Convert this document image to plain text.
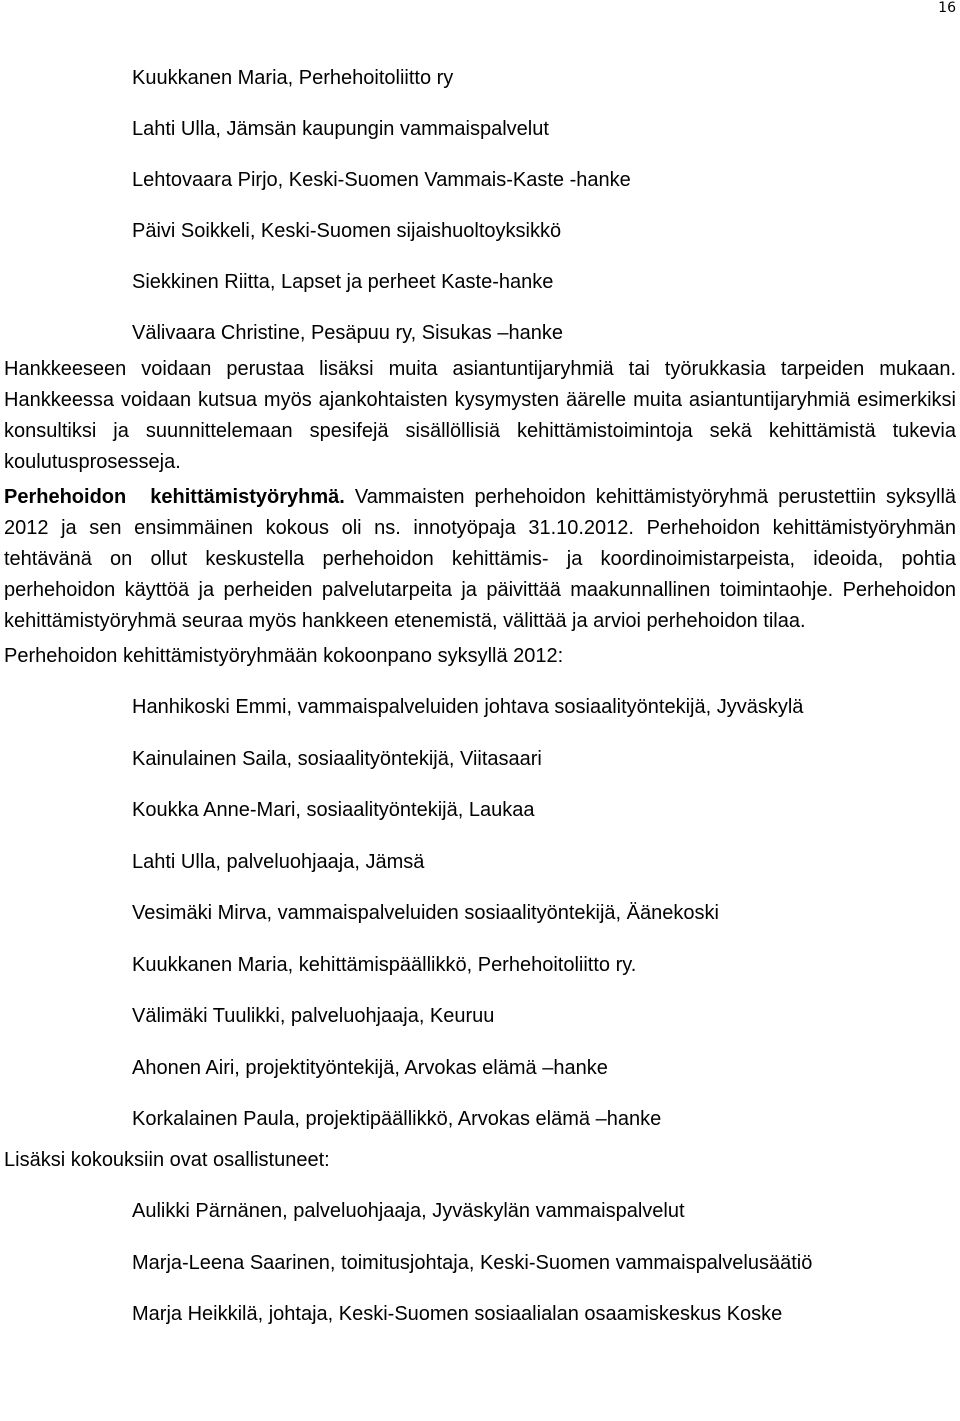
16
Kuukkanen Maria, Perhehoitoliitto ry
Lahti Ulla, Jämsän kaupungin vammaispalvelut
Lehtovaara Pirjo, Keski-Suomen Vammais-Kaste -hanke
Päivi Soikkeli, Keski-Suomen sijaishuoltoyksikkö
Siekkinen Riitta, Lapset ja perheet Kaste-hanke
Välivaara Christine, Pesäpuu ry, Sisukas –hanke

Hankkeeseen voidaan perustaa lisäksi muita asiantuntijaryhmiä tai työrukkasia tarpeiden mukaan. Hankkeessa voidaan kutsua myös ajankohtaisten kysymysten äärelle muita asiantuntijaryhmiä esimerkiksi konsultiksi ja suunnittelemaan spesifejä sisällöllisiä kehittämistoimintoja sekä kehittämistä tukevia koulutusprosesseja.

Perhehoidon kehittämistyöryhmä. Vammaisten perhehoidon kehittämistyöryhmä perustettiin syksyllä 2012 ja sen ensimmäinen kokous oli ns. innotyöpaja 31.10.2012. Perhehoidon kehittämistyöryhmän tehtävänä on ollut keskustella perhehoidon kehittämis- ja koordinoimistarpeista, ideoida, pohtia perhehoidon käyttöä ja perheiden palvelutarpeita ja päivittää maakunnallinen toimintaohje. Perhehoidon kehittämistyöryhmä seuraa myös hankkeen etenemistä, välittää ja arvioi perhehoidon tilaa.

Perhehoidon kehittämistyöryhmään kokoonpano syksyllä 2012:

Hanhikoski Emmi, vammaispalveluiden johtava sosiaalityöntekijä, Jyväskylä
Kainulainen Saila, sosiaalityöntekijä, Viitasaari
Koukka Anne-Mari, sosiaalityöntekijä, Laukaa
Lahti Ulla, palveluohjaaja, Jämsä
Vesimäki Mirva, vammaispalveluiden sosiaalityöntekijä, Äänekoski
Kuukkanen Maria, kehittämispäällikkö, Perhehoitoliitto ry.
Välimäki Tuulikki, palveluohjaaja, Keuruu
Ahonen Airi, projektityöntekijä, Arvokas elämä –hanke
Korkalainen Paula, projektipäällikkö, Arvokas elämä –hanke

Lisäksi kokouksiin ovat osallistuneet:

Aulikki Pärnänen, palveluohjaaja, Jyväskylän vammaispalvelut
Marja-Leena Saarinen, toimitusjohtaja, Keski-Suomen vammaispalvelusäätiö
Marja Heikkilä, johtaja, Keski-Suomen sosiaalialan osaamiskeskus Koske
